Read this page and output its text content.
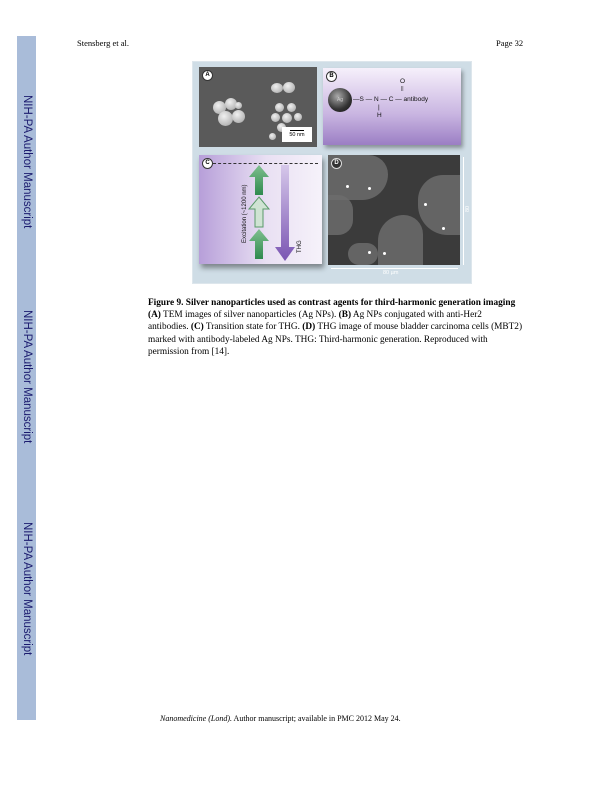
NIH-PA Author Manuscript
NIH-PA Author Manuscript
NIH-PA Author Manuscript
Stensberg et al.	Page 32
A
50 nm
B
Ag
O
||
—S — N — C — antibody
|
H
C
Excitation (~1200 nm)
THG
D
80 µm
80 µm
Figure 9. Silver nanoparticles used as contrast agents for third-harmonic generation imaging
(A) TEM images of silver nanoparticles (Ag NPs). (B) Ag NPs conjugated with anti-Her2 antibodies. (C) Transition state for THG. (D) THG image of mouse bladder carcinoma cells (MBT2) marked with antibody-labeled Ag NPs. THG: Third-harmonic generation. Reproduced with permission from [14].
Nanomedicine (Lond). Author manuscript; available in PMC 2012 May 24.
